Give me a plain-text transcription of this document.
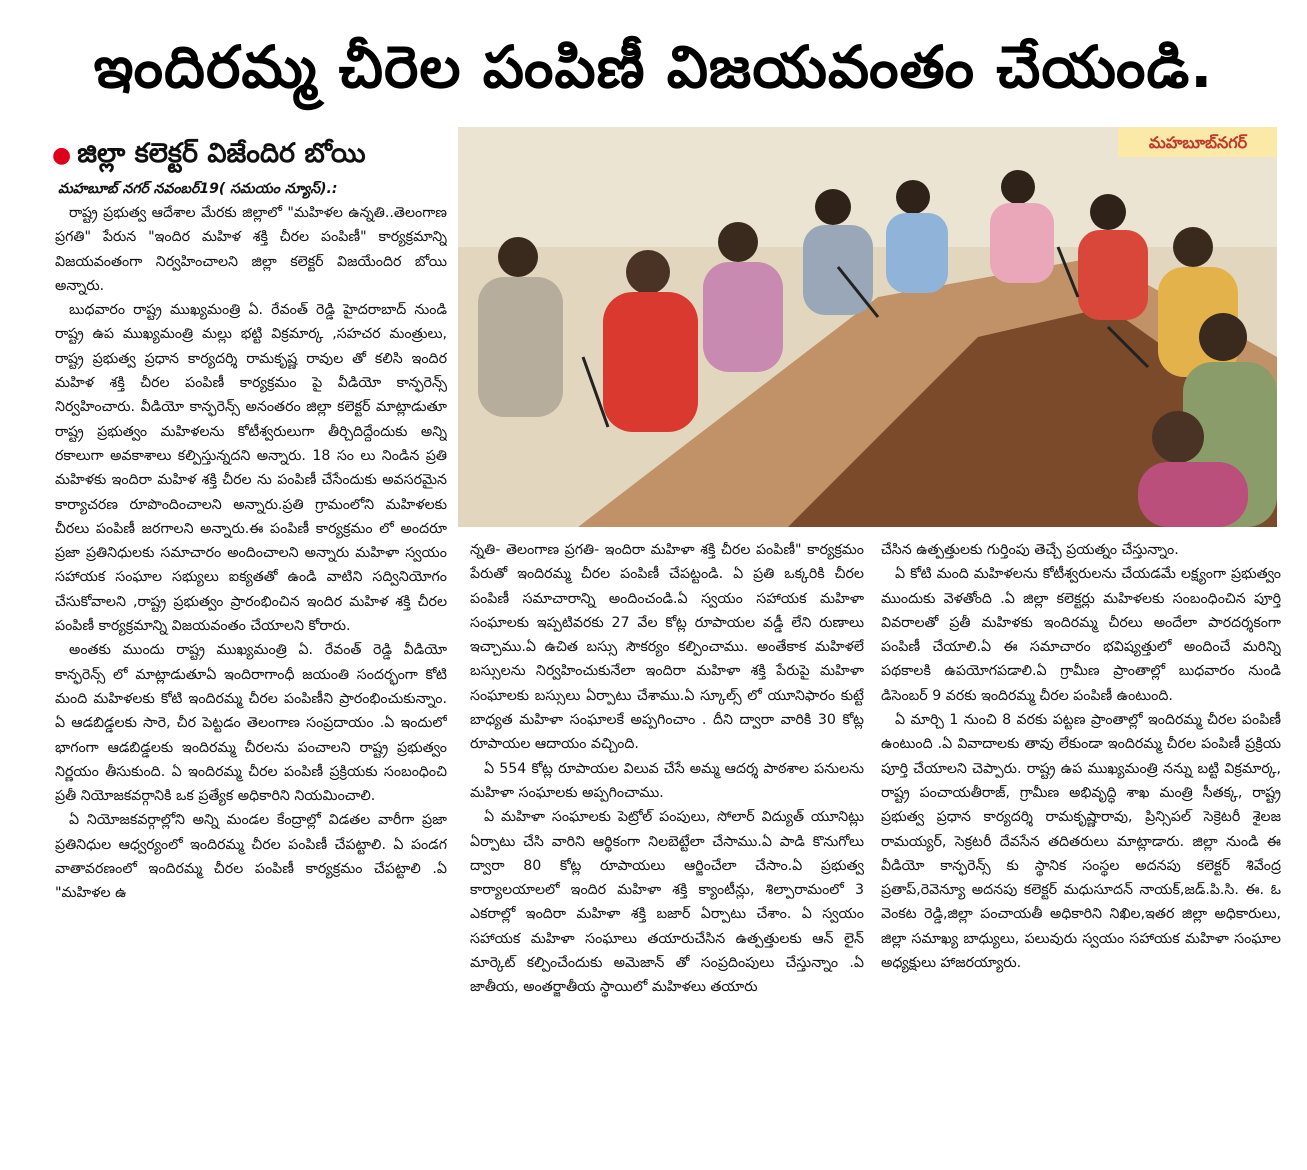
ఇందిరమ్మ చీరెల పంపిణీ విజయవంతం చేయండి.
● జిల్లా కలెక్టర్ విజేందిర బోయి
మహబూబ్ నగర్ నవంబర్19( సమయం న్యూస్).:

రాష్ట్ర ప్రభుత్వ ఆదేశాల మేరకు జిల్లాలో "మహిళల ఉన్నతి..తెలంగాణ ప్రగతి" పేరున "ఇందిర మహిళ శక్తి చీరల పంపిణీ" కార్యక్రమాన్ని విజయవంతంగా నిర్వహించాలని జిల్లా కలెక్టర్ విజయేందిర బోయి అన్నారు.

బుధవారం రాష్ట్ర ముఖ్యమంత్రి ఏ. రేవంత్ రెడ్డి హైదరాబాద్ నుండి రాష్ట్ర ఉప ముఖ్యమంత్రి మల్లు భట్టి విక్రమార్క ,సహచర మంత్రులు, రాష్ట్ర ప్రభుత్వ ప్రధాన కార్యదర్శి రామకృష్ణ రావుల తో కలిసి ఇందిర మహిళ శక్తి చీరల పంపిణీ కార్యక్రమం పై వీడియో కాన్ఫరెన్స్ నిర్వహించారు. వీడియో కాన్ఫరెన్స్ అనంతరం జిల్లా కలెక్టర్ మాట్లాడుతూ రాష్ట్ర ప్రభుత్వం మహిళలను కోటీశ్వరులుగా తీర్చిదిద్దేందుకు అన్ని రకాలుగా అవకాశాలు కల్పిస్తున్నదని అన్నారు. 18 సం లు నిండిన ప్రతి మహిళకు ఇందిరా మహిళ శక్తి చీరల ను పంపిణీ చేసేందుకు అవసరమైన కార్యాచరణ రూపొందించాలని అన్నారు.ప్రతి గ్రామంలోని మహిళలకు చీరలు పంపిణీ జరగాలని అన్నారు.ఈ పంపిణీ కార్యక్రమం లో అందరూ ప్రజా ప్రతినిధులకు సమాచారం అందించాలని అన్నారు మహిళా స్వయం సహాయక సంఘాల సభ్యులు ఐక్యతతో ఉండి వాటిని సద్వినియోగం చేసుకోవాలని ,రాష్ట్ర ప్రభుత్వం ప్రారంభించిన ఇందిర మహిళ శక్తి చీరల పంపిణీ కార్యక్రమాన్ని విజయవంతం చేయాలని కోరారు.

అంతకు ముందు రాష్ట్ర ముఖ్యమంత్రి ఏ. రేవంత్ రెడ్డి వీడియో కాన్ఫరెన్స్ లో మాట్లాడుతూఏ ఇందిరాగాంధీ జయంతి సందర్భంగా కోటి మంది మహిళలకు కోటి ఇందిరమ్మ చీరల పంపిణీని ప్రారంభించుకున్నాం. ఏ ఆడబిడ్డలకు సారె, చీర పెట్టడం తెలంగాణ సంప్రదాయం .ఏ ఇందులో భాగంగా ఆడబిడ్డలకు ఇందిరమ్మ చీరలను పంచాలని రాష్ట్ర ప్రభుత్వం నిర్ణయం తీసుకుంది. ఏ ఇందిరమ్మ చీరల పంపిణీ ప్రక్రియకు సంబంధించి ప్రతీ నియోజకవర్గానికి ఒక ప్రత్యేక అధికారిని నియమించాలి.

ఏ నియోజకవర్గాల్లోని అన్ని మండల కేంద్రాల్లో విడతల వారీగా ప్రజా ప్రతినిధుల ఆధ్వర్యంలో ఇందిరమ్మ చీరల పంపిణీ చేపట్టాలి. ఏ పండగ వాతావరణంలో ఇందిరమ్మ చీరల పంపిణీ కార్యక్రమం చేపట్టాలి .ఏ "మహిళల ఉ

మహబూబ్‌నగర్

న్నతి- తెలంగాణ ప్రగతి- ఇందిరా మహిళా శక్తి చీరల పంపిణీ" కార్యక్రమం పేరుతో ఇందిరమ్మ చీరల పంపిణీ చేపట్టండి. ఏ ప్రతి ఒక్కరికి చీరల పంపిణీ సమాచారాన్ని అందించండి.ఏ స్వయం సహాయక మహిళా సంఘాలకు ఇప్పటివరకు 27 వేల కోట్ల రూపాయల వడ్డీ లేని రుణాలు ఇచ్చాము.ఏ ఉచిత బస్సు సౌకర్యం కల్పించాము. అంతేకాక మహిళలే బస్సులను నిర్వహించుకునేలా ఇందిరా మహిళా శక్తి పేరుపై మహిళా సంఘాలకు బస్సులు ఏర్పాటు చేశాము.ఏ స్కూల్స్ లో యూనిఫారం కుట్టే బాధ్యత మహిళా సంఘాలకే అప్పగించాం . దీని ద్వారా వారికి 30 కోట్ల రూపాయల ఆదాయం వచ్చింది.

ఏ 554 కోట్ల రూపాయల విలువ చేసే అమ్మ ఆదర్శ పాఠశాల పనులను మహిళా సంఘాలకు అప్పగించాము.

ఏ మహిళా సంఘాలకు పెట్రోల్ పంపులు, సోలార్ విద్యుత్ యూనిట్లు ఏర్పాటు చేసి వారిని ఆర్థికంగా నిలబెట్టేలా చేసాము.ఏ పాడి కొనుగోలు ద్వారా 80 కోట్ల రూపాయలు ఆర్జించేలా చేసాం.ఏ ప్రభుత్వ కార్యాలయాలలో ఇందిర మహిళా శక్తి క్యాంటీన్లు, శిల్పారామంలో 3 ఎకరాల్లో ఇందిరా మహిళా శక్తి బజార్ ఏర్పాటు చేశాం. ఏ స్వయం సహాయక మహిళా సంఘాలు తయారుచేసిన ఉత్పత్తులకు ఆన్ లైన్ మార్కెట్ కల్పించేందుకు అమెజాన్ తో సంప్రదింపులు చేస్తున్నాం .ఏ జాతీయ, అంతర్జాతీయ స్థాయిలో మహిళలు తయారు

చేసిన ఉత్పత్తులకు గుర్తింపు తెచ్చే ప్రయత్నం చేస్తున్నాం.

ఏ కోటి మంది మహిళలను కోటీశ్వరులను చేయడమే లక్ష్యంగా ప్రభుత్వం ముందుకు వెళతోంది .ఏ జిల్లా కలెక్టర్లు మహిళలకు సంబంధించిన పూర్తి వివరాలతో ప్రతీ మహిళకు ఇందిరమ్మ చీరలు అందేలా పారదర్శకంగా పంపిణీ చేయాలి.ఏ ఈ సమాచారం భవిష్యత్తులో అందించే మరిన్ని పథకాలకి ఉపయోగపడాలి.ఏ గ్రామీణ ప్రాంతాల్లో బుధవారం నుండి డిసెంబర్ 9 వరకు ఇందిరమ్మ చీరల పంపిణీ ఉంటుంది.

ఏ మార్చి 1 నుంచి 8 వరకు పట్టణ ప్రాంతాల్లో ఇందిరమ్మ చీరల పంపిణీ ఉంటుంది .ఏ వివాదాలకు తావు లేకుండా ఇందిరమ్మ చీరల పంపిణీ ప్రక్రియ పూర్తి చేయాలని చెప్పారు. రాష్ట్ర ఉప ముఖ్యమంత్రి నన్ను బట్టి విక్రమార్క, రాష్ట్ర పంచాయతీరాజ్, గ్రామీణ అభివృద్ధి శాఖ మంత్రి సీతక్క, రాష్ట్ర ప్రభుత్వ ప్రధాన కార్యదర్శి రామకృష్ణారావు, ప్రిన్సిపల్ సెక్రెటరీ శైలజ రామయ్యర్, సెక్రటరీ దేవసేన తదితరులు మాట్లాడారు. జిల్లా నుండి ఈ వీడియో కాన్ఫరెన్స్ కు స్థానిక సంస్థల అదనపు కలెక్టర్ శివేంద్ర ప్రతాప్,రెవెన్యూ అదనపు కలెక్టర్ మధుసూదన్ నాయక్,జడ్.పి.సి. ఈ. ఓ వెంకట రెడ్డి,జిల్లా పంచాయతీ అధికారిని నిఖిల,ఇతర జిల్లా అధికారులు, జిల్లా సమాఖ్య బాధ్యులు, పలువురు స్వయం సహాయక మహిళా సంఘాల అధ్యక్షులు హాజరయ్యారు.
